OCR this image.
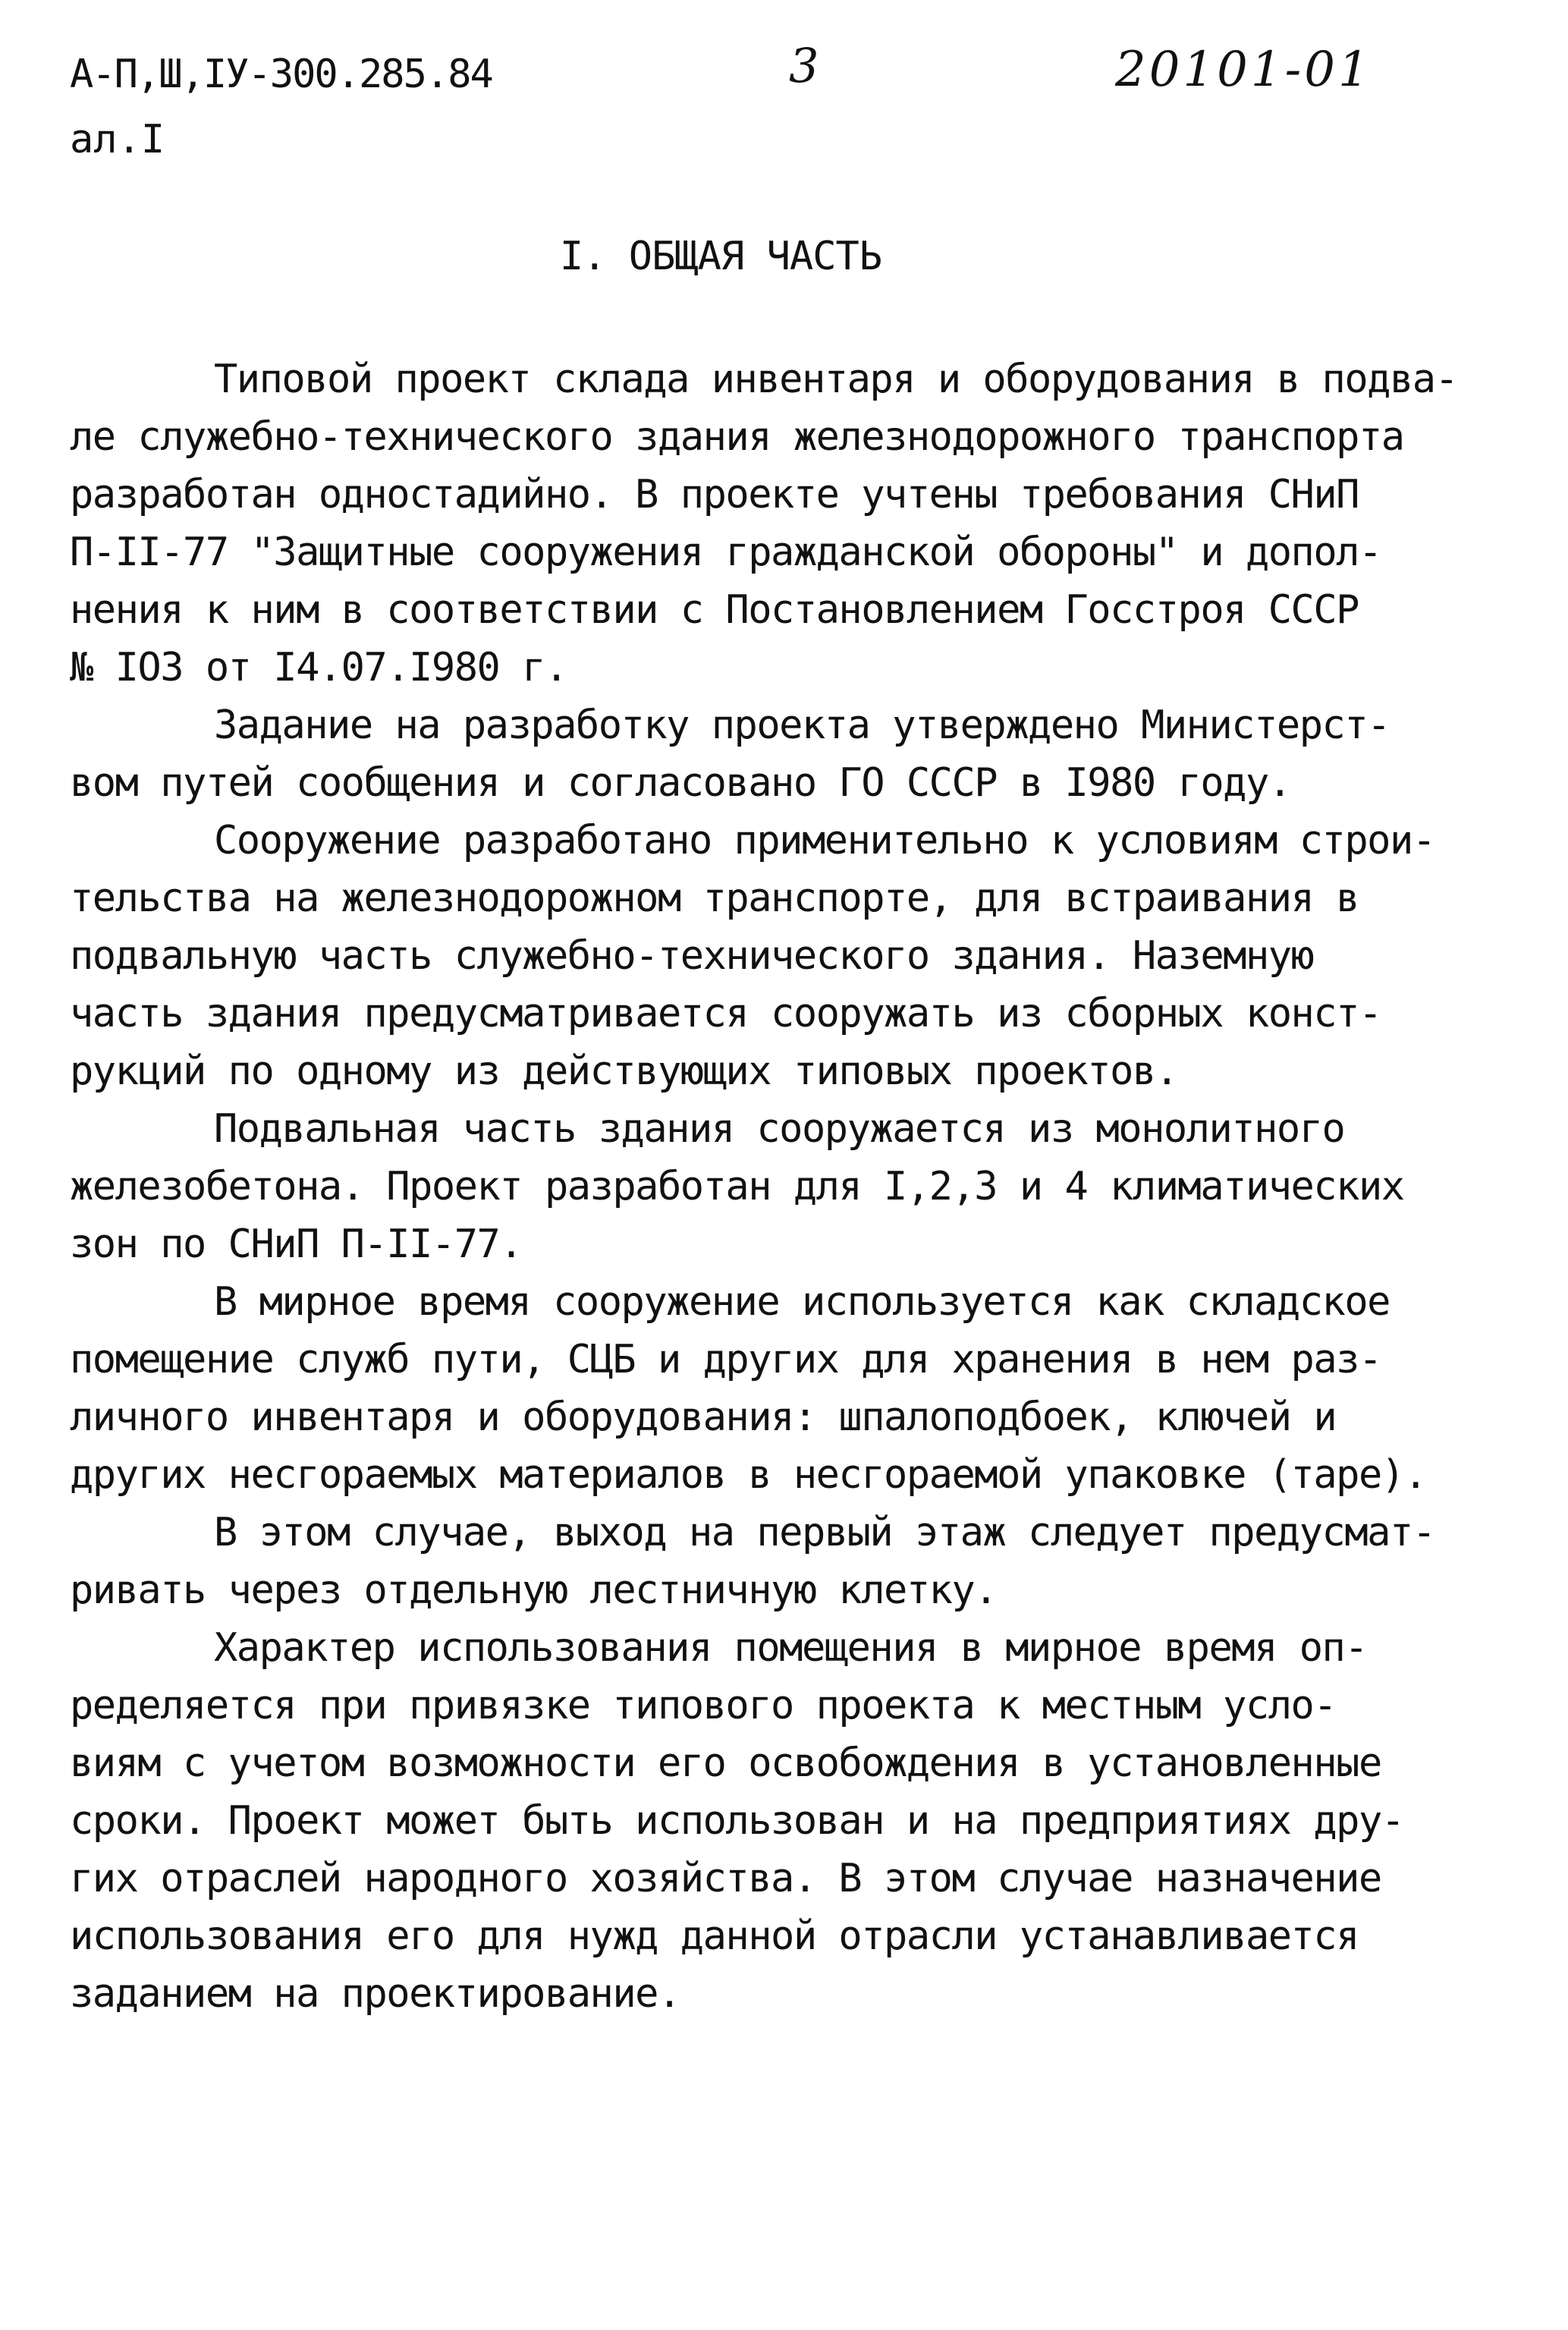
А-П,Ш,IУ-300.285.84
ал.I
3	20101-01
I. ОБЩАЯ ЧАСТЬ
Типовой проект склада инвентаря и оборудования в подва-
ле служебно-технического здания железнодорожного транспорта
разработан одностадийно. В проекте учтены требования СНиП
П-II-77 "Защитные сооружения гражданской обороны" и допол-
нения к ним в соответствии с Постановлением Госстроя СССР
№ IO3 от I4.07.I980 г.
Задание на разработку проекта утверждено Министерст-
вом путей сообщения и согласовано ГО СССР в I980 году.
Сооружение разработано применительно к условиям строи-
тельства на железнодорожном транспорте, для встраивания в
подвальную часть служебно-технического здания. Наземную
часть здания предусматривается сооружать из сборных конст-
рукций по одному из действующих типовых проектов.
Подвальная часть здания сооружается из монолитного
железобетона. Проект разработан для I,2,3 и 4 климатических
зон по СНиП П-II-77.
В мирное время сооружение используется как складское
помещение служб пути, СЦБ и других для хранения в нем раз-
личного инвентаря и оборудования: шпалоподбоек, ключей и
других несгораемых материалов в несгораемой упаковке (таре).
В этом случае, выход на первый этаж следует предусмат-
ривать через отдельную лестничную клетку.
Характер использования помещения в мирное время оп-
ределяется при привязке типового проекта к местным усло-
виям с учетом возможности его освобождения в установленные
сроки. Проект может быть использован и на предприятиях дру-
гих отраслей народного хозяйства. В этом случае назначение
использования его для нужд данной отрасли устанавливается
заданием на проектирование.
